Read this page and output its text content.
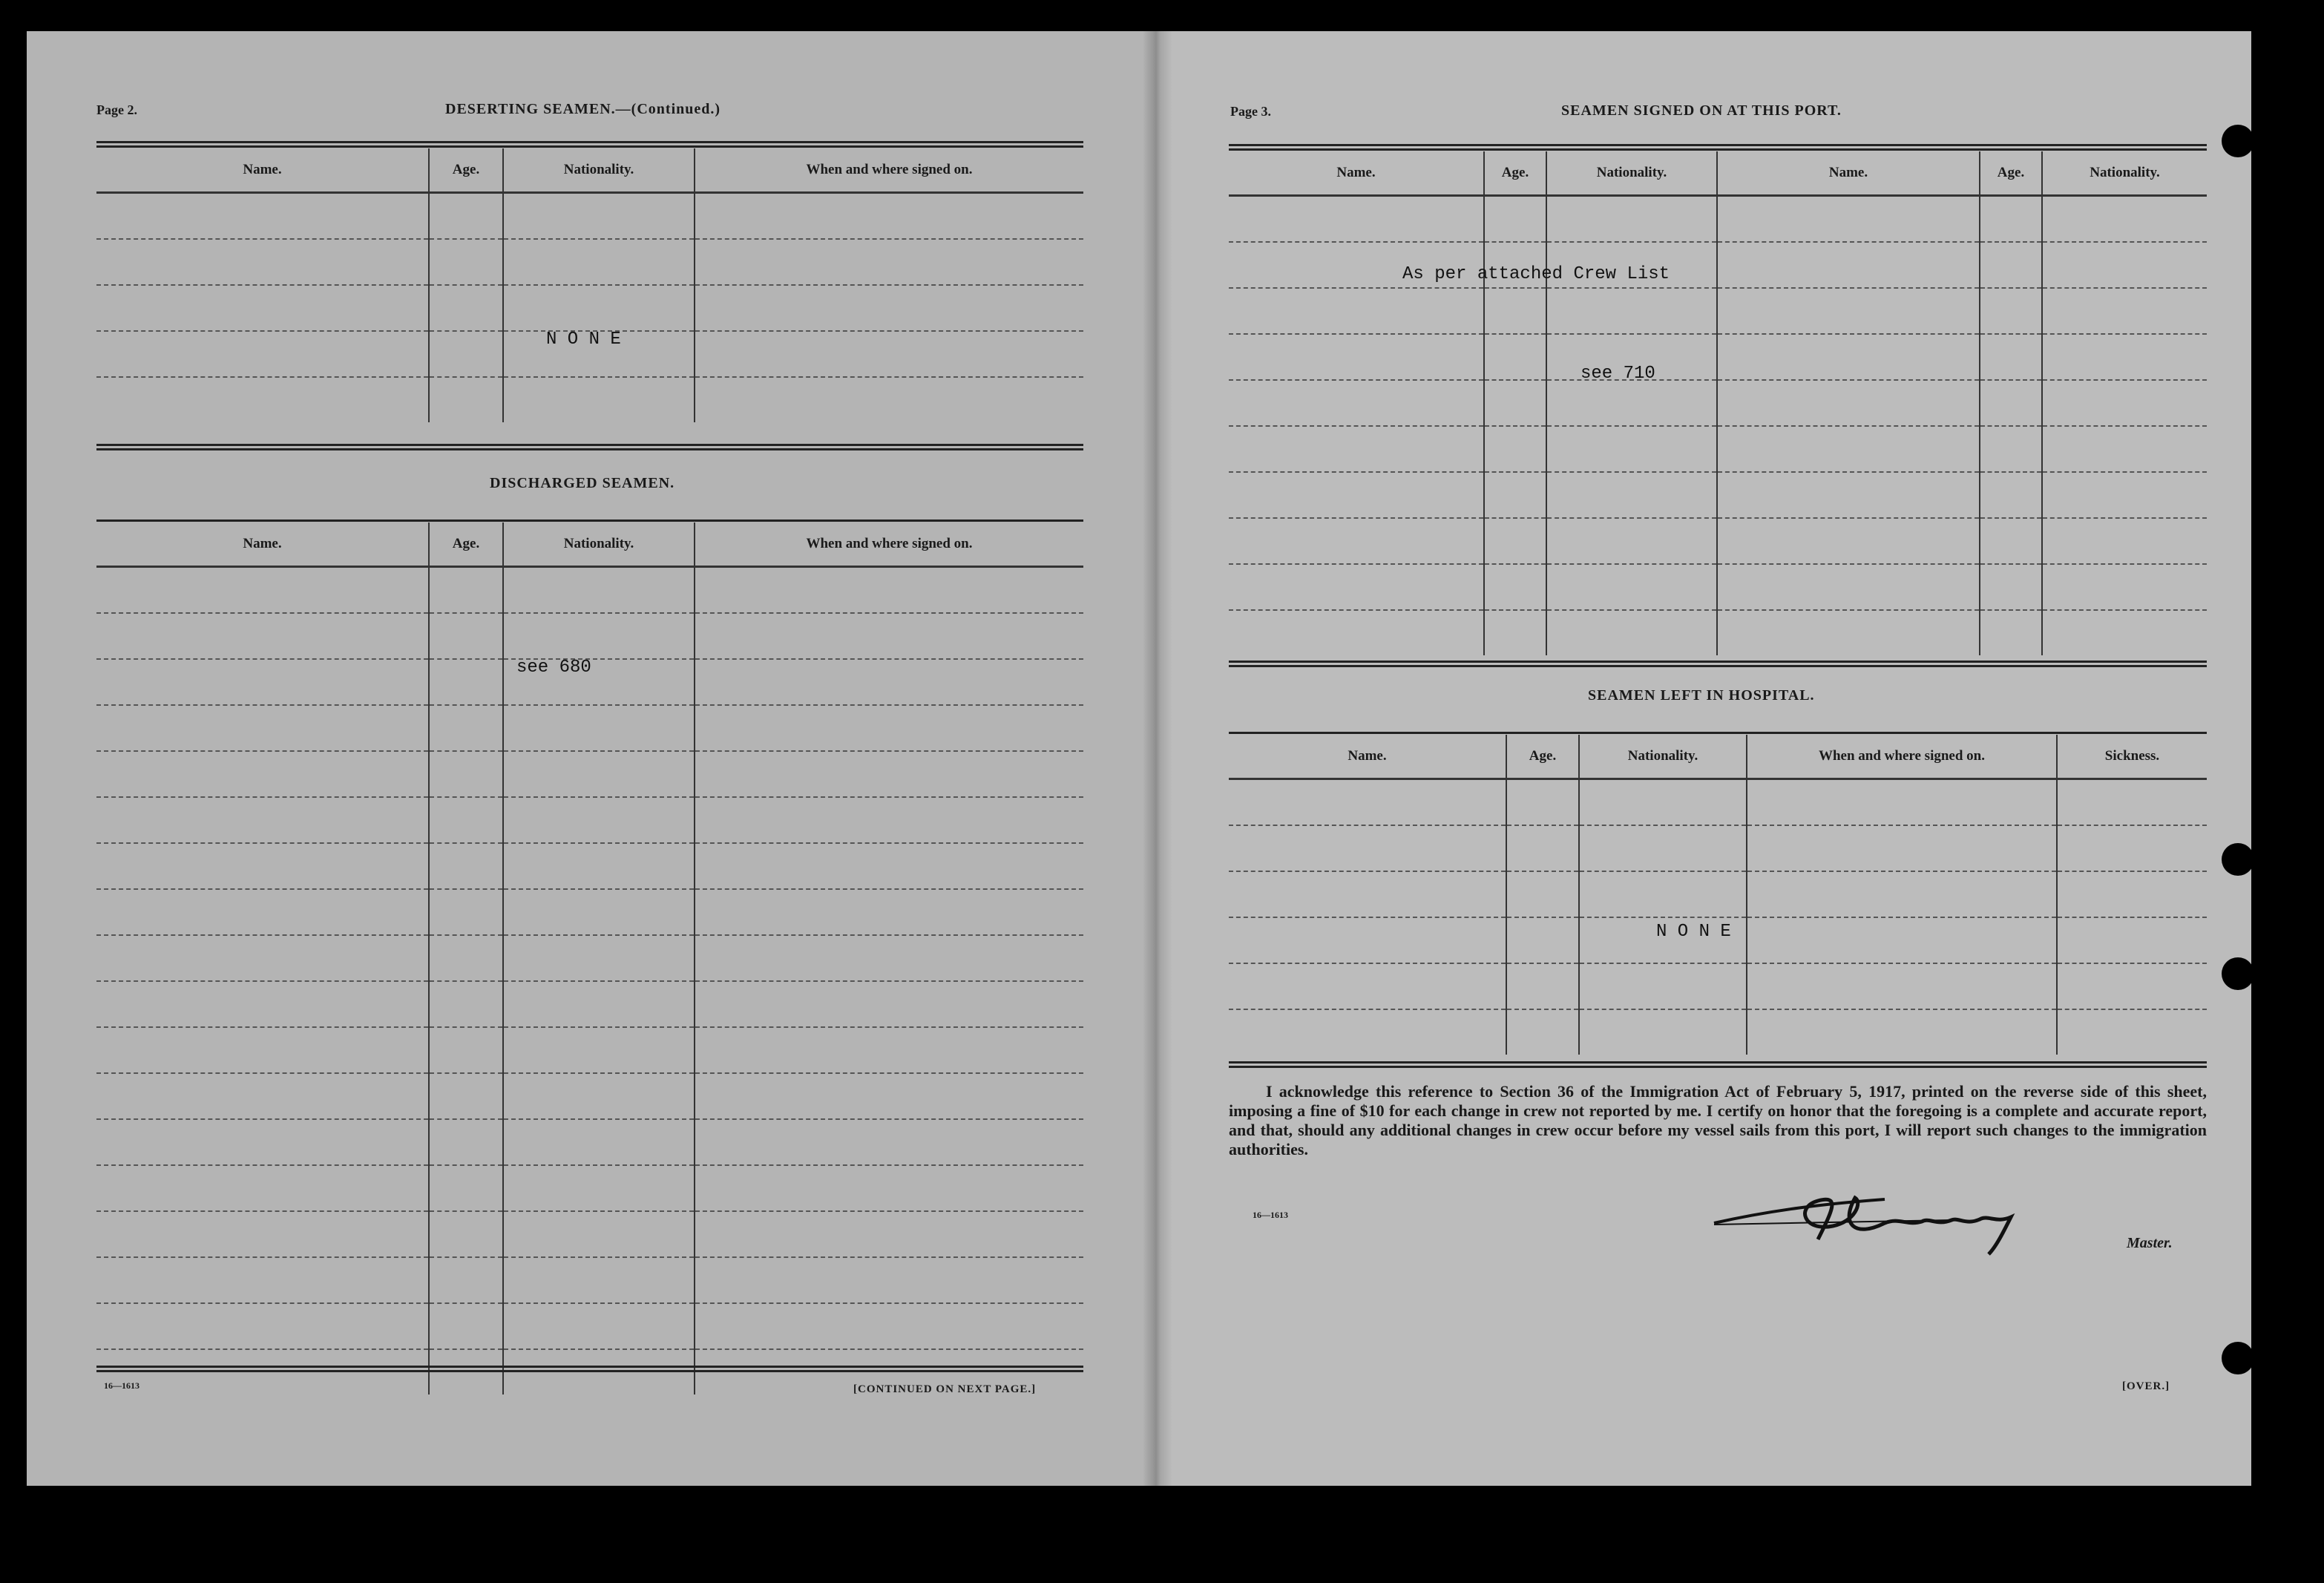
Page 2.	DESERTING SEAMEN.—(Continued.)
Name.	Age.	Nationality.	When and where signed on.

N O N E
DISCHARGED SEAMEN.
Name.	Age.	Nationality.	When and where signed on.

see 680
16—1613	[CONTINUED ON NEXT PAGE.]
Page 3.	SEAMEN SIGNED ON AT THIS PORT.
Name.	Age.	Nationality.	Name.	Age.	Nationality.

As per attached Crew List
see 710
SEAMEN LEFT IN HOSPITAL.
Name.	Age.	Nationality.	When and where signed on.	Sickness.

N O N E
I acknowledge this reference to Section 36 of the Immigration Act of February 5, 1917, printed on the reverse side of this sheet, imposing a fine of $10 for each change in crew not reported by me. I certify on honor that the foregoing is a complete and accurate report, and that, should any additional changes in crew occur before my vessel sails from this port, I will report such changes to the immigration authorities.
16—1613
Master.
[OVER.]
